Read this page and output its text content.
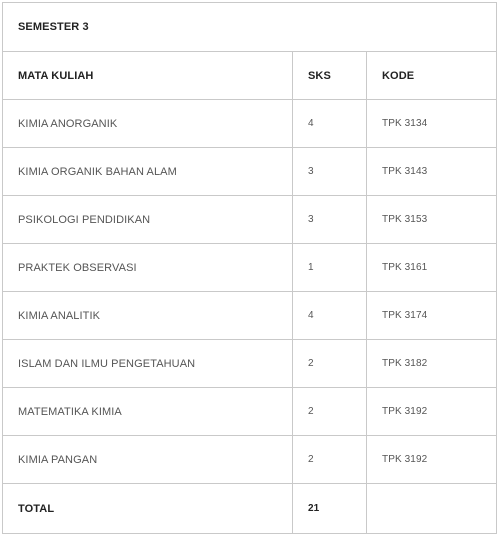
SEMESTER 3		
MATA KULIAH	SKS	KODE
KIMIA ANORGANIK	4	TPK 3134
KIMIA ORGANIK BAHAN ALAM	3	TPK 3143
PSIKOLOGI PENDIDIKAN	3	TPK 3153
PRAKTEK OBSERVASI	1	TPK 3161
KIMIA ANALITIK	4	TPK 3174
ISLAM DAN ILMU PENGETAHUAN	2	TPK 3182
MATEMATIKA KIMIA	2	TPK 3192
KIMIA PANGAN	2	TPK 3192
TOTAL	21	
